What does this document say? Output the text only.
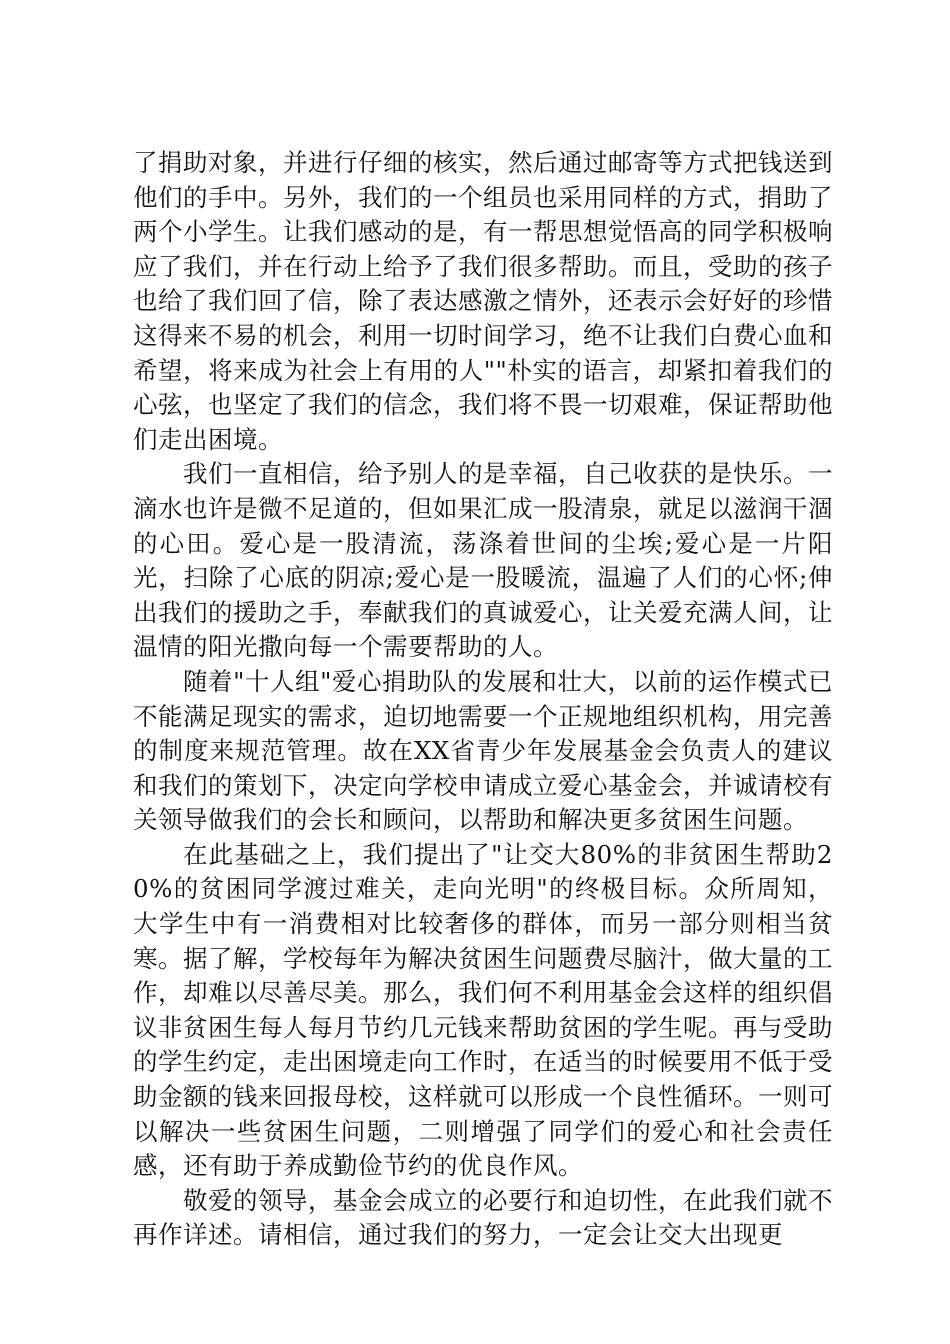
了捐助对象，并进行仔细的核实，然后通过邮寄等方式把钱送到他们的手中。另外，我们的一个组员也采用同样的方式，捐助了两个小学生。让我们感动的是，有一帮思想觉悟高的同学积极响应了我们，并在行动上给予了我们很多帮助。而且，受助的孩子也给了我们回了信，除了表达感激之情外，还表示会好好的珍惜这得来不易的机会，利用一切时间学习，绝不让我们白费心血和希望，将来成为社会上有用的人""朴实的语言，却紧扣着我们的心弦，也坚定了我们的信念，我们将不畏一切艰难，保证帮助他们走出困境。

我们一直相信，给予别人的是幸福，自己收获的是快乐。一滴水也许是微不足道的，但如果汇成一股清泉，就足以滋润干涸的心田。爱心是一股清流，荡涤着世间的尘埃;爱心是一片阳光，扫除了心底的阴凉;爱心是一股暖流，温遍了人们的心怀;伸出我们的援助之手，奉献我们的真诚爱心，让关爱充满人间，让温情的阳光撒向每一个需要帮助的人。

随着"十人组"爱心捐助队的发展和壮大，以前的运作模式已不能满足现实的需求，迫切地需要一个正规地组织机构，用完善的制度来规范管理。故在XX省青少年发展基金会负责人的建议和我们的策划下，决定向学校申请成立爱心基金会，并诚请校有关领导做我们的会长和顾问，以帮助和解决更多贫困生问题。

在此基础之上，我们提出了"让交大80%的非贫困生帮助20%的贫困同学渡过难关，走向光明"的终极目标。众所周知，大学生中有一消费相对比较奢侈的群体，而另一部分则相当贫寒。据了解，学校每年为解决贫困生问题费尽脑汁，做大量的工作，却难以尽善尽美。那么，我们何不利用基金会这样的组织倡议非贫困生每人每月节约几元钱来帮助贫困的学生呢。再与受助的学生约定，走出困境走向工作时，在适当的时候要用不低于受助金额的钱来回报母校，这样就可以形成一个良性循环。一则可以解决一些贫困生问题，二则增强了同学们的爱心和社会责任感，还有助于养成勤俭节约的优良作风。

敬爱的领导，基金会成立的必要行和迫切性，在此我们就不再作详述。请相信，通过我们的努力，一定会让交大出现更
